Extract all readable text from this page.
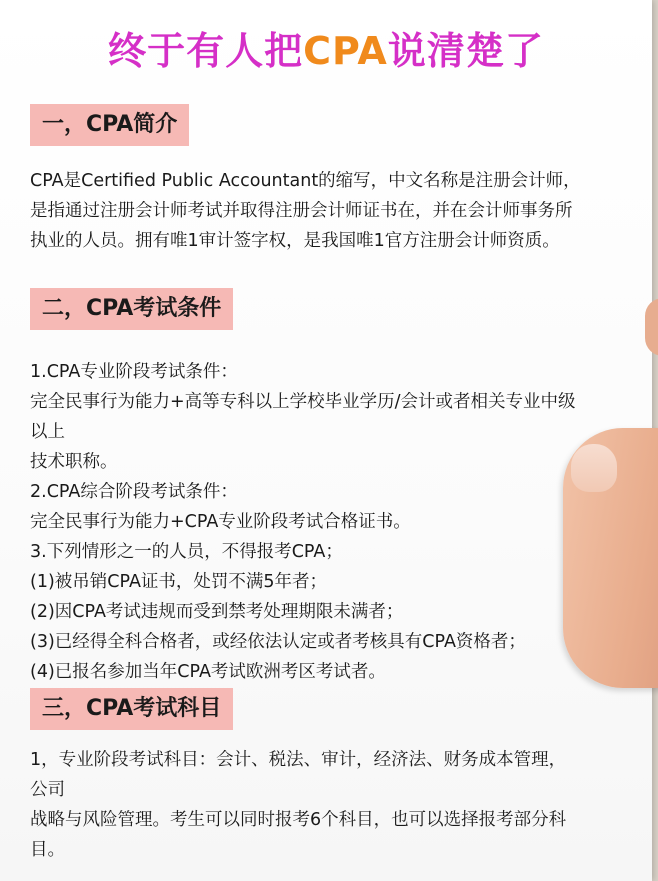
终于有人把CPA说清楚了
一，CPA简介
CPA是Certified Public Accountant的缩写，中文名称是注册会计师，
是指通过注册会计师考试并取得注册会计师证书在，并在会计师事务所
执业的人员。拥有唯1审计签字权，是我国唯1官方注册会计师资质。
二，CPA考试条件
1.CPA专业阶段考试条件：
完全民事行为能力+高等专科以上学校毕业学历/会计或者相关专业中级
以上
技术职称。
2.CPA综合阶段考试条件：
完全民事行为能力+CPA专业阶段考试合格证书。
3.下列情形之一的人员，不得报考CPA；
(1)被吊销CPA证书，处罚不满5年者；
(2)因CPA考试违规而受到禁考处理期限未满者；
(3)已经得全科合格者，或经依法认定或者考核具有CPA资格者；
(4)已报名参加当年CPA考试欧洲考区考试者。
三，CPA考试科目
1，专业阶段考试科目：会计、税法、审计，经济法、财务成本管理，
公司
战略与风险管理。考生可以同时报考6个科目，也可以选择报考部分科
目。
